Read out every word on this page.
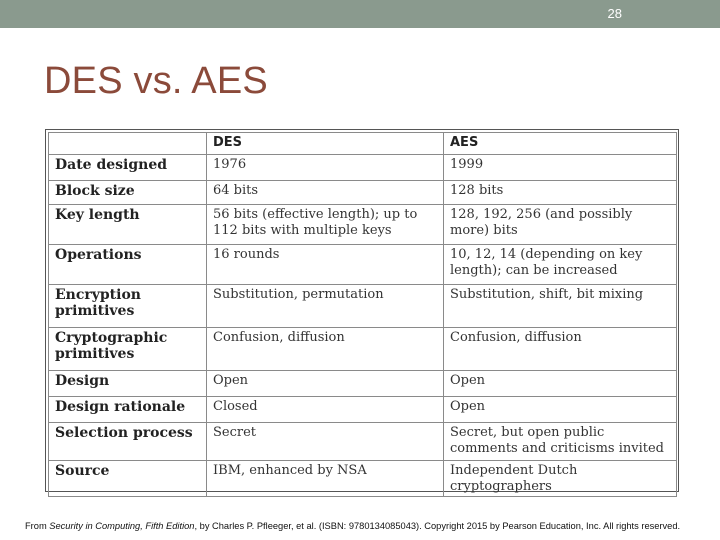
28
DES vs. AES
	DES	AES
Date designed	1976	1999
Block size	64 bits	128 bits
Key length	56 bits (effective length); up to 112 bits with multiple keys	128, 192, 256 (and possibly more) bits
Operations	16 rounds	10, 12, 14 (depending on key length); can be increased
Encryption primitives	Substitution, permutation	Substitution, shift, bit mixing
Cryptographic primitives	Confusion, diffusion	Confusion, diffusion
Design	Open	Open
Design rationale	Closed	Open
Selection process	Secret	Secret, but open public comments and criticisms invited
Source	IBM, enhanced by NSA	Independent Dutch cryptographers
From Security in Computing, Fifth Edition, by Charles P. Pfleeger, et al. (ISBN: 9780134085043). Copyright 2015 by Pearson Education, Inc. All rights reserved.
